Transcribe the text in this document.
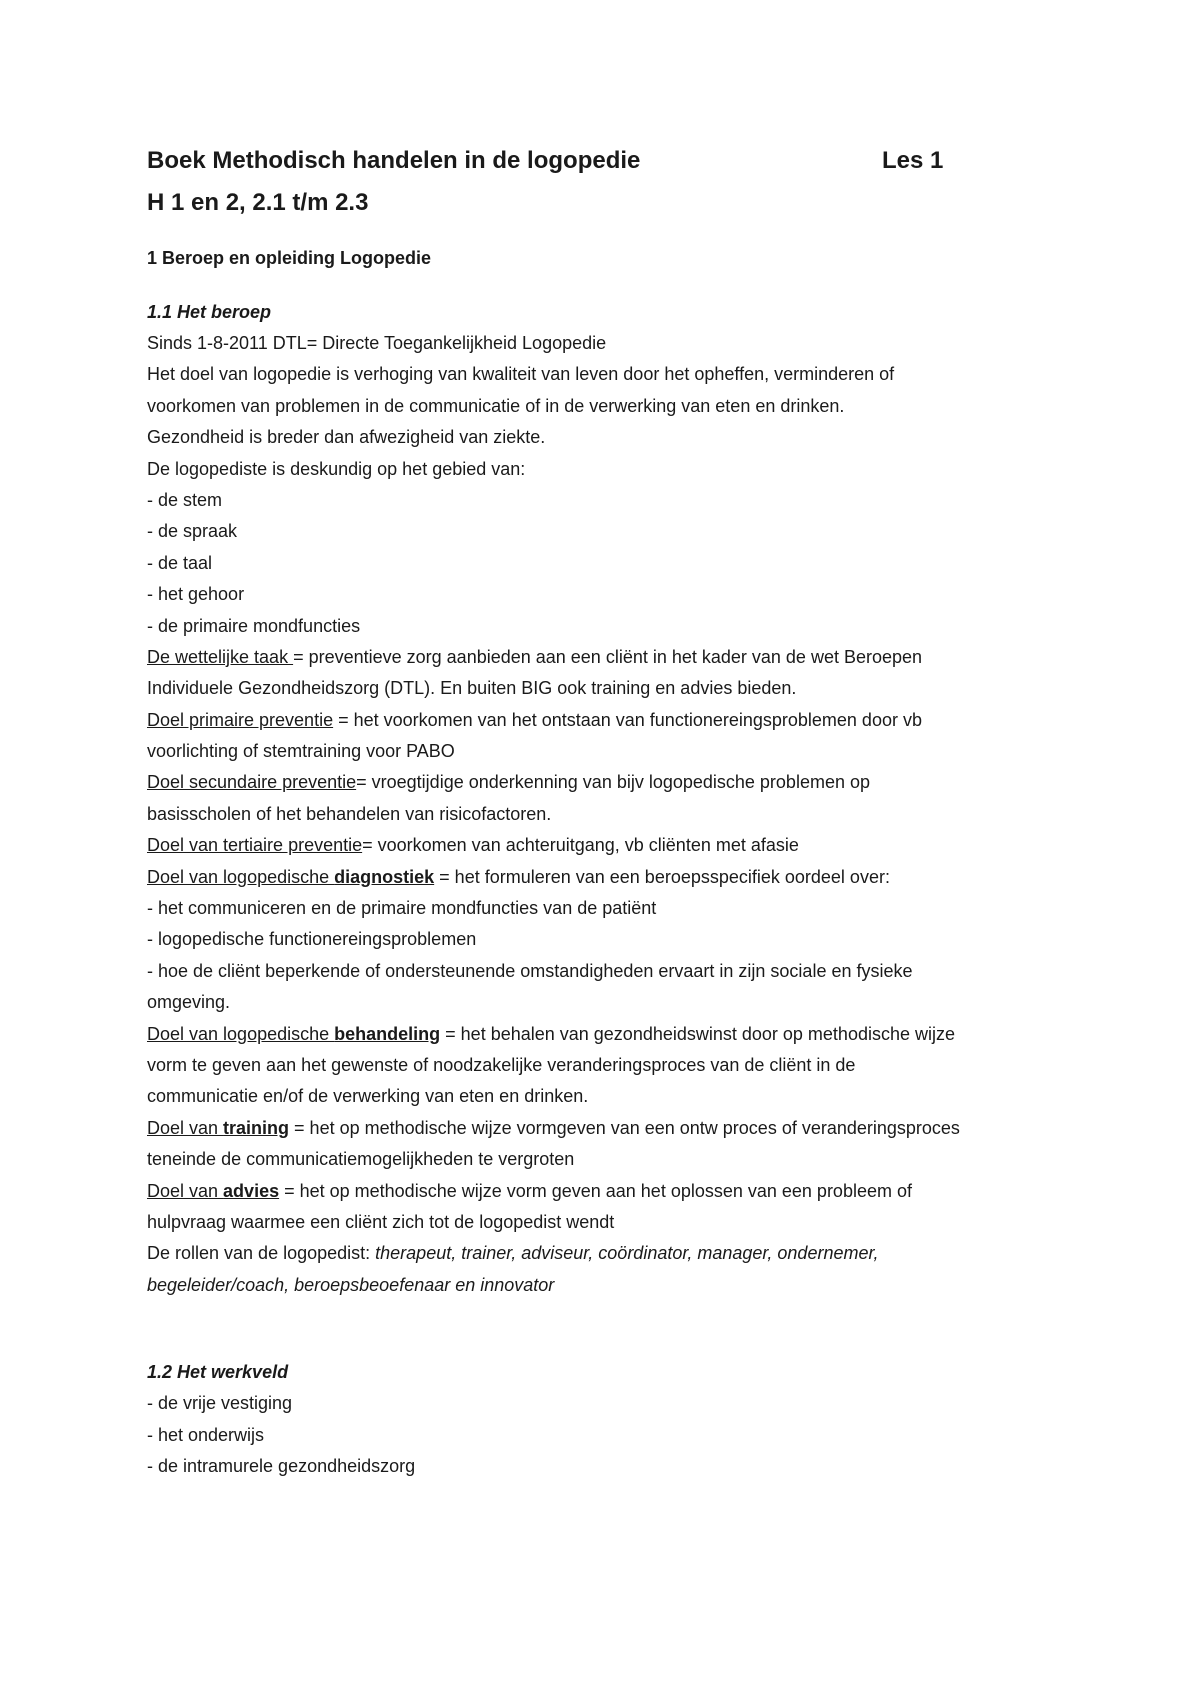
Boek Methodisch handelen in de logopedie	Les 1
H 1 en 2, 2.1 t/m 2.3
1 Beroep en opleiding Logopedie
1.1 Het beroep
Sinds 1-8-2011 DTL= Directe Toegankelijkheid Logopedie
Het doel van logopedie is verhoging van kwaliteit van leven door het opheffen, verminderen of
voorkomen van problemen in de communicatie of in de verwerking van eten en drinken.
Gezondheid is breder dan afwezigheid van ziekte.
De logopediste is deskundig op het gebied van:
- de stem
- de spraak
- de taal
- het gehoor
- de primaire mondfuncties
De wettelijke taak = preventieve zorg aanbieden aan een cliënt in het kader van de wet Beroepen
Individuele Gezondheidszorg (DTL). En buiten BIG ook training en advies bieden.
Doel primaire preventie = het voorkomen van het ontstaan van functionereingsproblemen door vb
voorlichting of stemtraining voor PABO
Doel secundaire preventie= vroegtijdige onderkenning van bijv logopedische problemen op
basisscholen of het behandelen van risicofactoren.
Doel van tertiaire preventie= voorkomen van achteruitgang, vb cliënten met afasie
Doel van logopedische diagnostiek = het formuleren van een beroepsspecifiek oordeel over:
- het communiceren en de primaire mondfuncties van de patiënt
- logopedische functionereingsproblemen
- hoe de cliënt beperkende of ondersteunende omstandigheden ervaart in zijn sociale en fysieke
omgeving.
Doel van logopedische behandeling = het behalen van gezondheidswinst door op methodische wijze
vorm te geven aan het gewenste of noodzakelijke veranderingsproces van de cliënt in de
communicatie en/of de verwerking van eten en drinken.
Doel van training = het op methodische wijze vormgeven van een ontw proces of veranderingsproces
teneinde de communicatiemogelijkheden te vergroten
Doel van advies = het op methodische wijze vorm geven aan het oplossen van een probleem of
hulpvraag waarmee een cliënt zich tot de logopedist wendt
De rollen van de logopedist: therapeut, trainer, adviseur, coördinator, manager, ondernemer,
begeleider/coach, beroepsbeoefenaar en innovator
1.2 Het werkveld
- de vrije vestiging
- het onderwijs
- de intramurele gezondheidszorg
